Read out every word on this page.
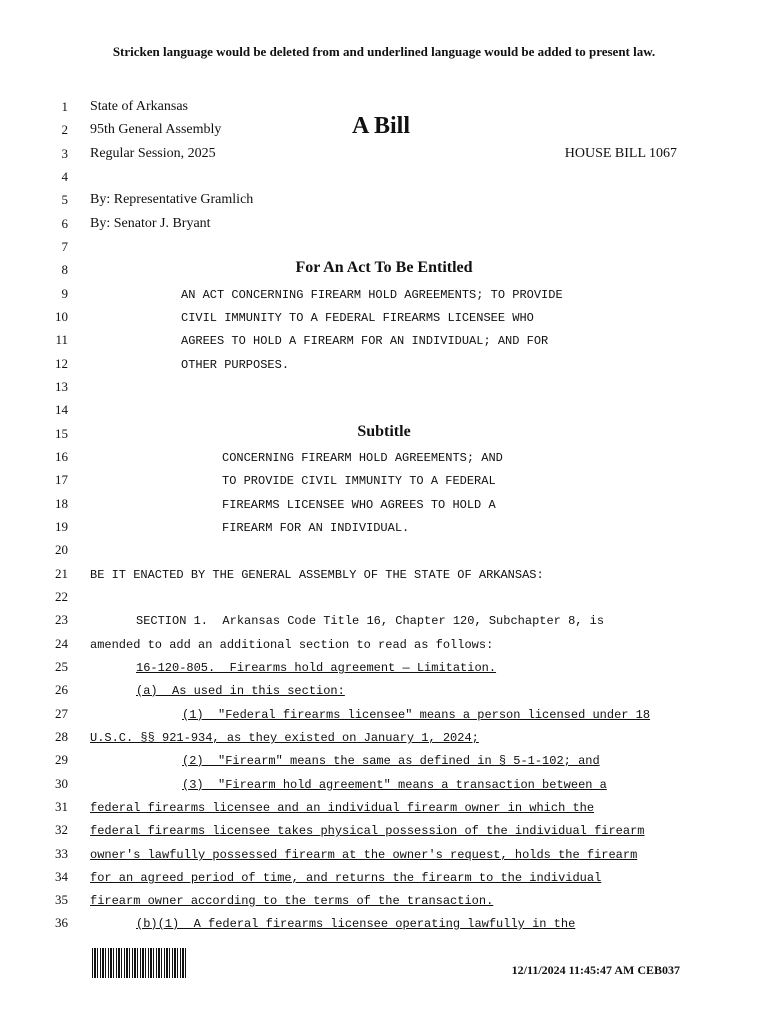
Stricken language would be deleted from and underlined language would be added to present law.
1
2
3
4
5
6
7
8
9
10
11
12
13
14
15
16
17
18
19
20
21
22
23
24
25
26
27
28
29
30
31
32
33
34
35
36
State of Arkansas
95th General Assembly
Regular Session, 2025
A Bill
HOUSE BILL 1067
By: Representative Gramlich
By: Senator J. Bryant
For An Act To Be Entitled
AN ACT CONCERNING FIREARM HOLD AGREEMENTS; TO PROVIDE
CIVIL IMMUNITY TO A FEDERAL FIREARMS LICENSEE WHO
AGREES TO HOLD A FIREARM FOR AN INDIVIDUAL; AND FOR
OTHER PURPOSES.
Subtitle
CONCERNING FIREARM HOLD AGREEMENTS; AND
TO PROVIDE CIVIL IMMUNITY TO A FEDERAL
FIREARMS LICENSEE WHO AGREES TO HOLD A
FIREARM FOR AN INDIVIDUAL.
BE IT ENACTED BY THE GENERAL ASSEMBLY OF THE STATE OF ARKANSAS:
SECTION 1.  Arkansas Code Title 16, Chapter 120, Subchapter 8, is
amended to add an additional section to read as follows:
16-120-805.  Firearms hold agreement — Limitation.
(a)  As used in this section:
(1)  "Federal firearms licensee" means a person licensed under 18
U.S.C. §§ 921-934, as they existed on January 1, 2024;
(2)  "Firearm" means the same as defined in § 5-1-102; and
(3)  "Firearm hold agreement" means a transaction between a
federal firearms licensee and an individual firearm owner in which the
federal firearms licensee takes physical possession of the individual firearm
owner's lawfully possessed firearm at the owner's request, holds the firearm
for an agreed period of time, and returns the firearm to the individual
firearm owner according to the terms of the transaction.
(b)(1)  A federal firearms licensee operating lawfully in the
12/11/2024 11:45:47 AM CEB037
